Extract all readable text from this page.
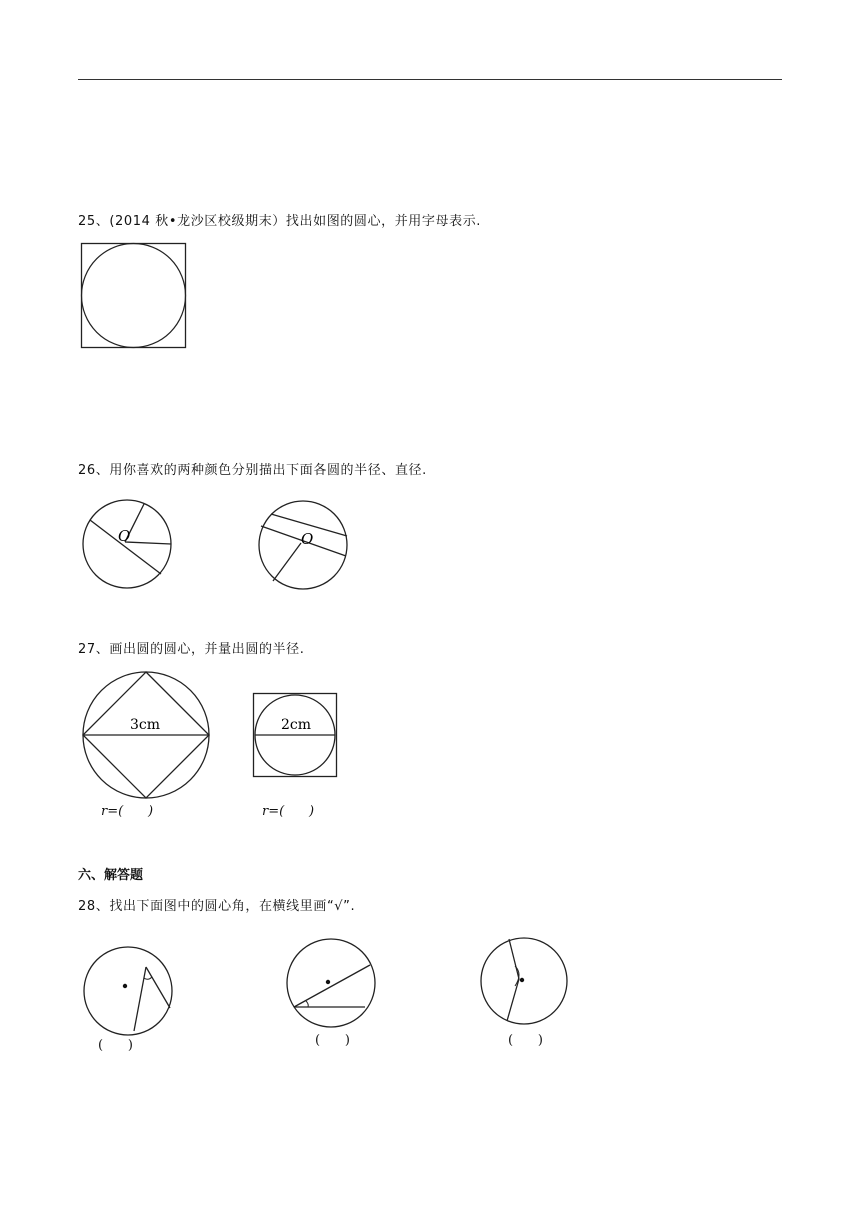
25、(2014 秋•龙沙区校级期末）找出如图的圆心，并用字母表示.
26、用你喜欢的两种颜色分别描出下面各圆的半径、直径.
O	O
27、画出圆的圆心，并量出圆的半径.
3cm	2cm
r=(      )	r=(      )
六、解答题
28、找出下面图中的圆心角，在横线里画“√”.
(      )	(      )	(      )
